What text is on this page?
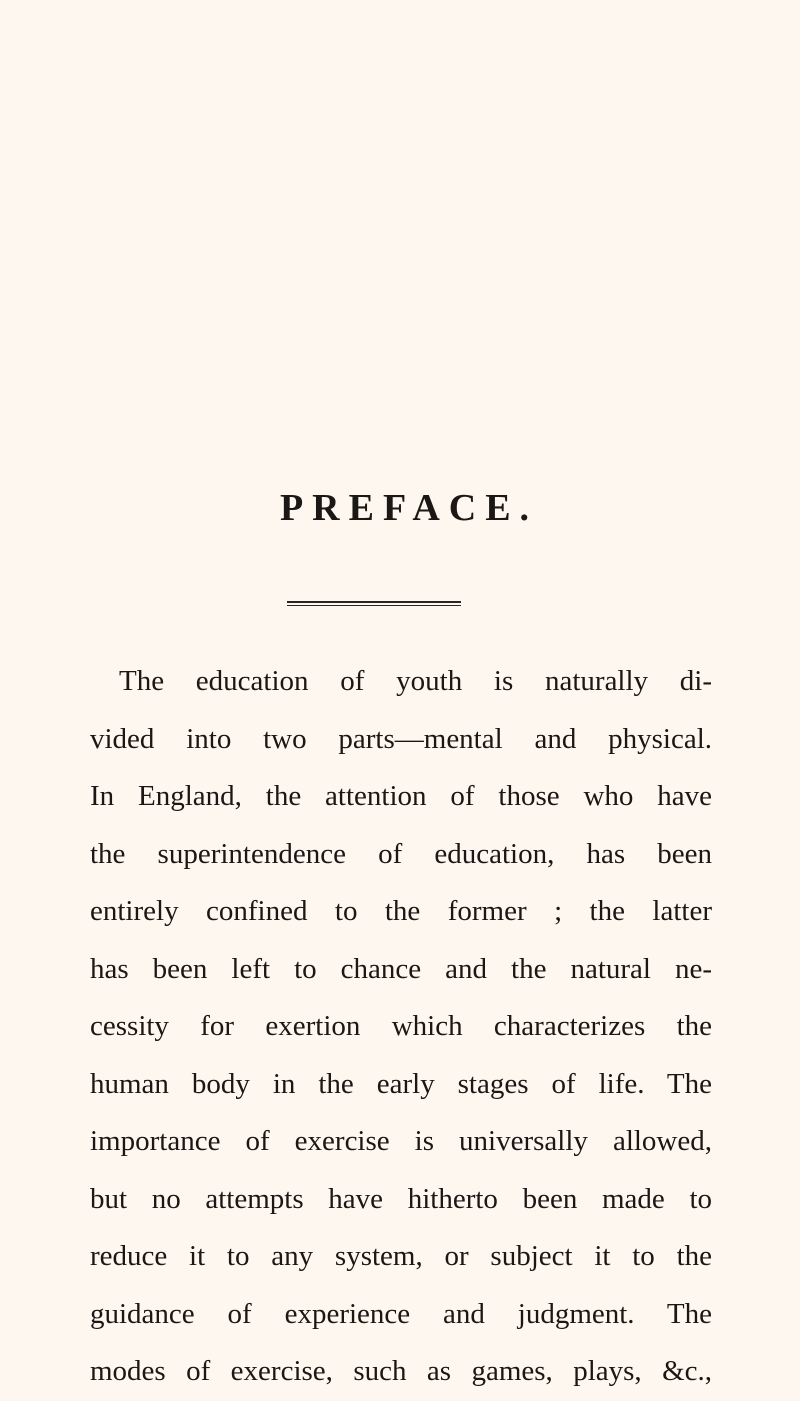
PREFACE.
The education of youth is naturally di-
vided into two parts—mental and physical.
In England, the attention of those who have
the superintendence of education, has been
entirely confined to the former ; the latter
has been left to chance and the natural ne-
cessity for exertion which characterizes the
human body in the early stages of life. The
importance of exercise is universally allowed,
but no attempts have hitherto been made to
reduce it to any system, or subject it to the
guidance of experience and judgment. The
modes of exercise, such as games, plays, &c.,
